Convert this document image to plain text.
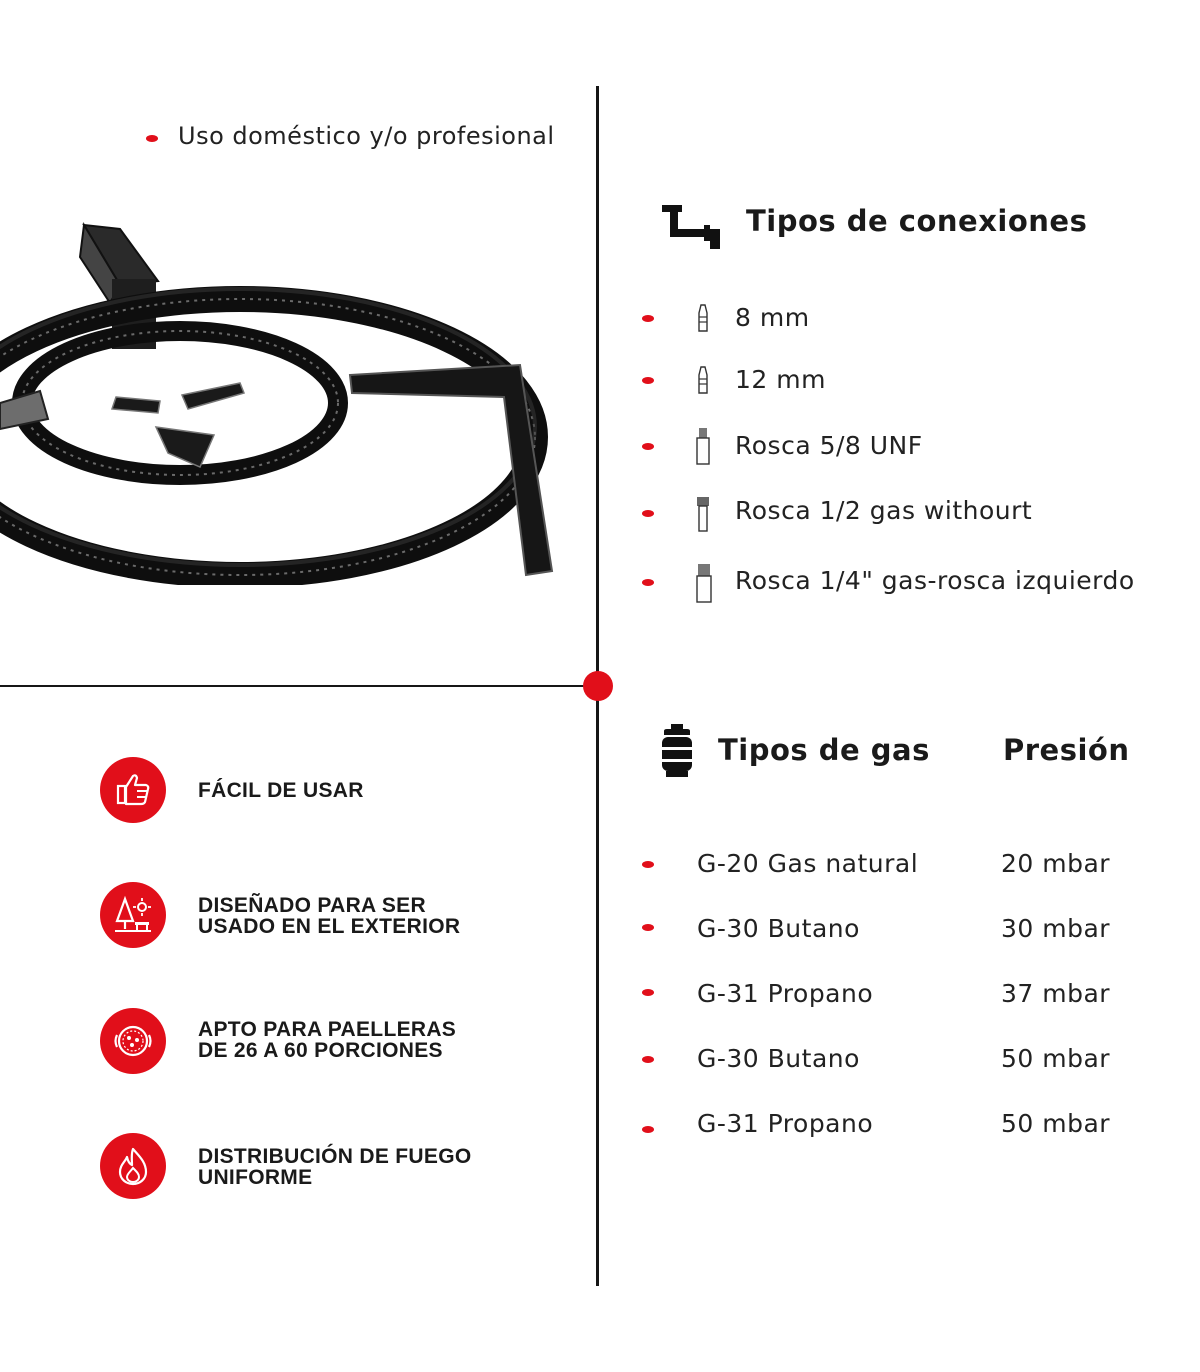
Uso doméstico y/o profesional
FÁCIL DE USAR
DISEÑADO PARA SER
USADO EN EL EXTERIOR
APTO PARA PAELLERAS
DE 26 A 60 PORCIONES
DISTRIBUCIÓN DE FUEGO
UNIFORME
Tipos de conexiones
8 mm
12 mm
Rosca 5/8 UNF
Rosca 1/2 gas withourt
Rosca 1/4" gas-rosca izquierdo
Tipos de gas	Presión
G-20 Gas natural	20 mbar
G-30 Butano	30 mbar
G-31 Propano	37 mbar
G-30 Butano	50 mbar
G-31 Propano	50 mbar
